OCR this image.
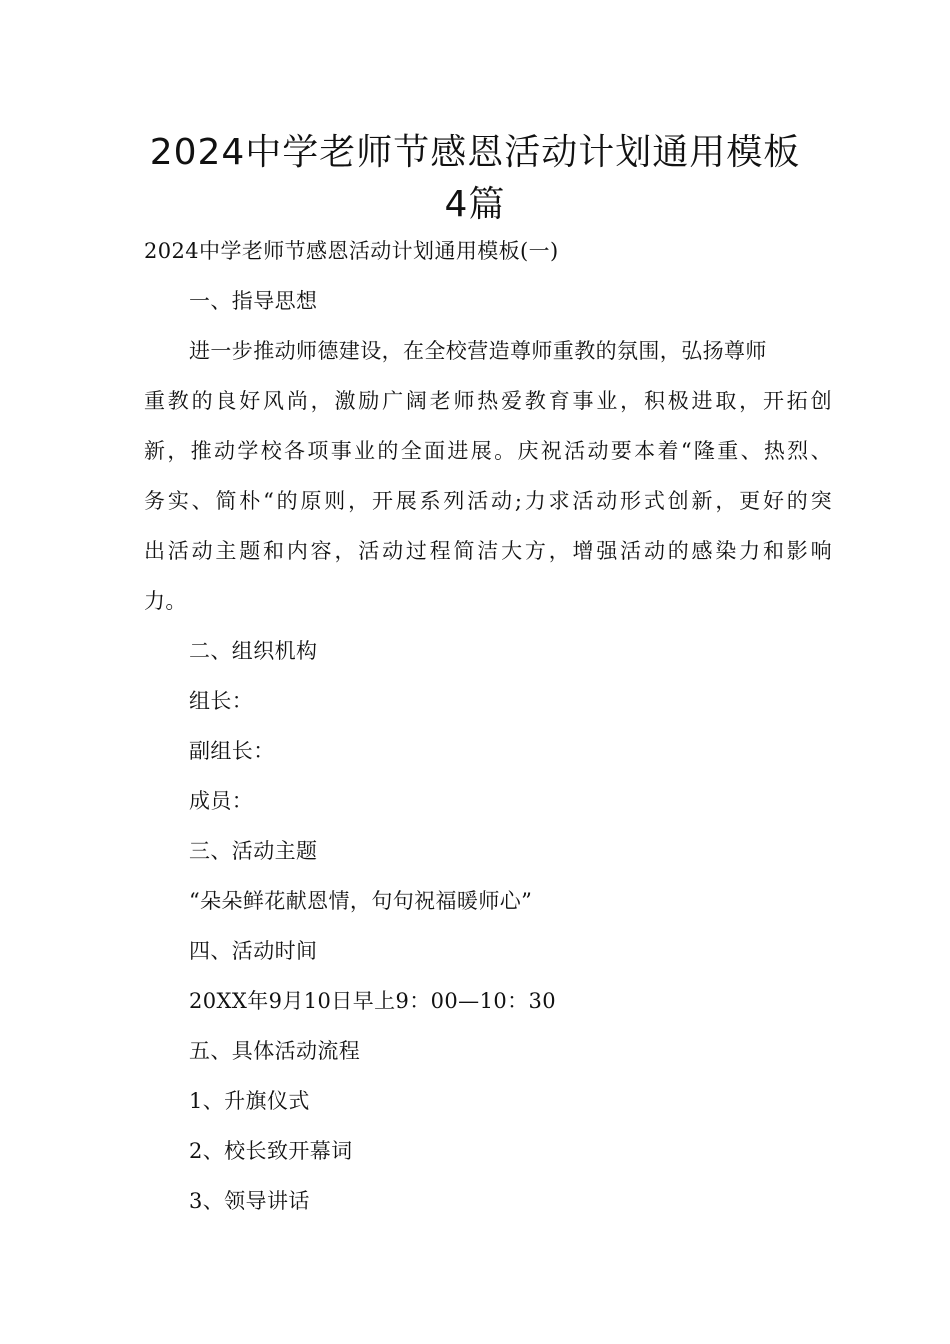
2024中学老师节感恩活动计划通用模板
4篇
2024中学老师节感恩活动计划通用模板(一)
一、指导思想
进一步推动师德建设，在全校营造尊师重教的氛围，弘扬尊师
重教的良好风尚，激励广阔老师热爱教育事业，积极进取，开拓创
新，推动学校各项事业的全面进展。庆祝活动要本着“隆重、热烈、
务实、简朴“的原则，开展系列活动;力求活动形式创新，更好的突
出活动主题和内容，活动过程简洁大方，增强活动的感染力和影响
力。
二、组织机构
组长：
副组长：
成员：
三、活动主题
“朵朵鲜花献恩情，句句祝福暖师心”
四、活动时间
20XX年9月10日早上9：00—10：30
五、具体活动流程
1、升旗仪式
2、校长致开幕词
3、领导讲话
